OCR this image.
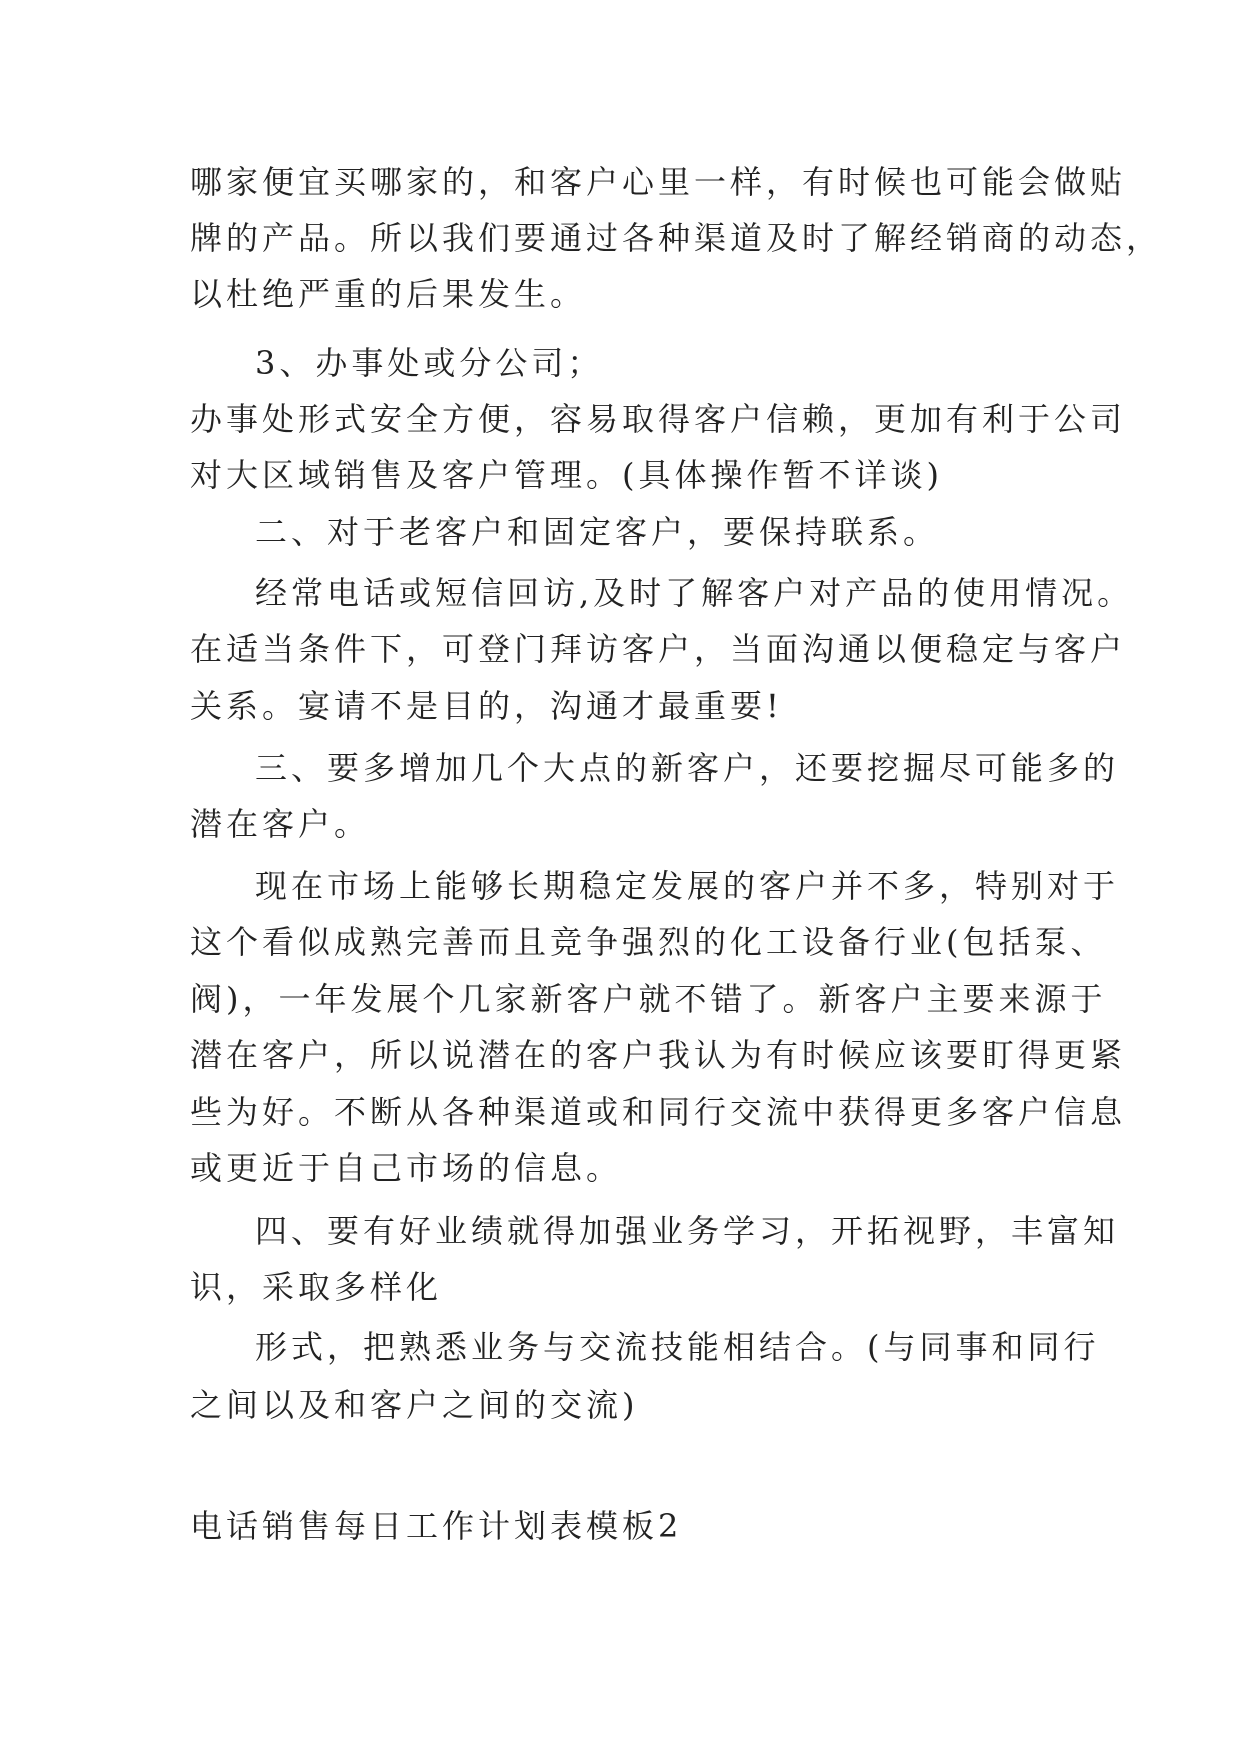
哪家便宜买哪家的，和客户心里一样，有时候也可能会做贴
牌的产品。所以我们要通过各种渠道及时了解经销商的动态，
以杜绝严重的后果发生。
3、办事处或分公司；
办事处形式安全方便，容易取得客户信赖，更加有利于公司
对大区域销售及客户管理。(具体操作暂不详谈)
二、对于老客户和固定客户，要保持联系。
经常电话或短信回访,及时了解客户对产品的使用情况。
在适当条件下，可登门拜访客户，当面沟通以便稳定与客户
关系。宴请不是目的，沟通才最重要!
三、要多增加几个大点的新客户，还要挖掘尽可能多的
潜在客户。
现在市场上能够长期稳定发展的客户并不多，特别对于
这个看似成熟完善而且竞争强烈的化工设备行业(包括泵、
阀)，一年发展个几家新客户就不错了。新客户主要来源于
潜在客户，所以说潜在的客户我认为有时候应该要盯得更紧
些为好。不断从各种渠道或和同行交流中获得更多客户信息
或更近于自己市场的信息。
四、要有好业绩就得加强业务学习，开拓视野，丰富知
识，采取多样化
形式，把熟悉业务与交流技能相结合。(与同事和同行
之间以及和客户之间的交流)
电话销售每日工作计划表模板2
